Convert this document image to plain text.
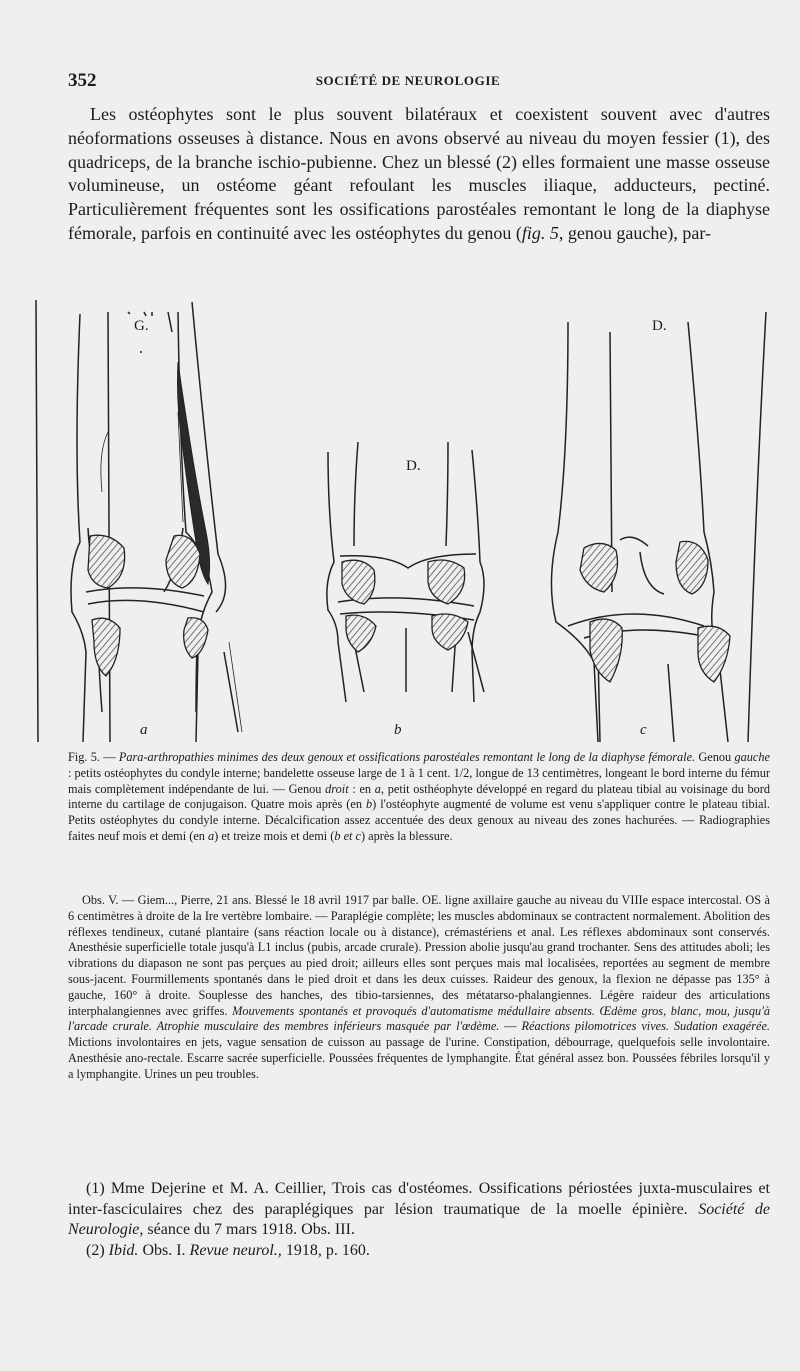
352	SOCIÉTÉ DE NEUROLOGIE

Les ostéophytes sont le plus souvent bilatéraux et coexistent souvent avec d'autres néoformations osseuses à distance. Nous en avons observé au niveau du moyen fessier (1), des quadriceps, de la branche ischio-pubienne. Chez un blessé (2) elles formaient une masse osseuse volumineuse, un ostéome géant refoulant les muscles iliaque, adducteurs, pectiné. Particulièrement fréquentes sont les ossifications parostéales remontant le long de la diaphyse fémorale, parfois en continuité avec les ostéophytes du genou (fig. 5, genou gauche), par-

G.
D.
D.
a	b	c

Fig. 5. — Para-arthropathies minimes des deux genoux et ossifications parostéales remontant le long de la diaphyse fémorale. Genou gauche : petits ostéophytes du condyle interne; bandelette osseuse large de 1 à 1 cent. 1/2, longue de 13 centimètres, longeant le bord interne du fémur mais complètement indépendante de lui. — Genou droit : en a, petit osthéophyte développé en regard du plateau tibial au voisinage du bord interne du cartilage de conjugaison. Quatre mois après (en b) l'ostéophyte augmenté de volume est venu s'appliquer contre le plateau tibial. Petits ostéophytes du condyle interne. Décalcification assez accentuée des deux genoux au niveau des zones hachurées. — Radiographies faites neuf mois et demi (en a) et treize mois et demi (b et c) après la blessure.

Obs. V. — Giem..., Pierre, 21 ans. Blessé le 18 avril 1917 par balle. OE. ligne axillaire gauche au niveau du VIIIe espace intercostal. OS à 6 centimètres à droite de la Ire vertèbre lombaire. — Paraplégie complète; les muscles abdominaux se contractent normalement. Abolition des réflexes tendineux, cutané plantaire (sans réaction locale ou à distance), crémastériens et anal. Les réflexes abdominaux sont conservés. Anesthésie superficielle totale jusqu'à L1 inclus (pubis, arcade crurale). Pression abolie jusqu'au grand trochanter. Sens des attitudes aboli; les vibrations du diapason ne sont pas perçues au pied droit; ailleurs elles sont perçues mais mal localisées, reportées au segment de membre sous-jacent. Fourmillements spontanés dans le pied droit et dans les deux cuisses. Raideur des genoux, la flexion ne dépasse pas 135° à gauche, 160° à droite. Souplesse des hanches, des tibio-tarsiennes, des métatarso-phalangiennes. Légère raideur des articulations interphalangiennes avec griffes. Mouvements spontanés et provoqués d'automatisme médullaire absents. Œdème gros, blanc, mou, jusqu'à l'arcade crurale. Atrophie musculaire des membres inférieurs masquée par l'œdème. — Réactions pilomotrices vives. Sudation exagérée. Mictions involontaires en jets, vague sensation de cuisson au passage de l'urine. Constipation, débourrage, quelquefois selle involontaire. Anesthésie ano-rectale. Escarre sacrée superficielle. Poussées fréquentes de lymphangite. État général assez bon. Poussées fébriles lorsqu'il y a lymphangite. Urines un peu troubles.

(1) Mme Dejerine et M. A. Ceillier, Trois cas d'ostéomes. Ossifications périostées juxta-musculaires et inter-fasciculaires chez des paraplégiques par lésion traumatique de la moelle épinière. Société de Neurologie, séance du 7 mars 1918. Obs. III.

(2) Ibid. Obs. I. Revue neurol., 1918, p. 160.
